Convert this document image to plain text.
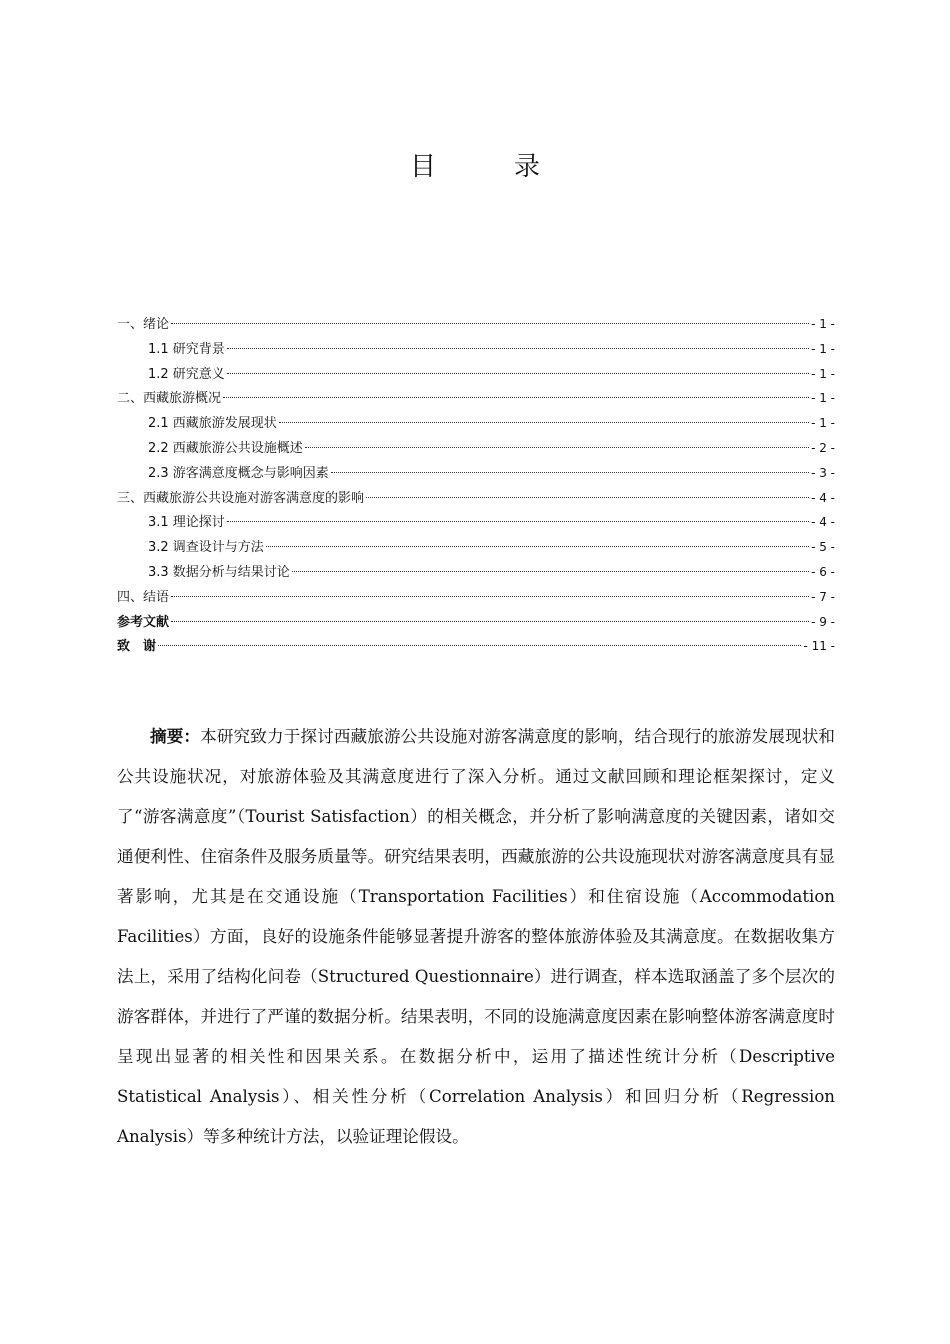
目　录
一、绪论	- 1 -
1.1 研究背景	- 1 -
1.2 研究意义	- 1 -
二、西藏旅游概况	- 1 -
2.1 西藏旅游发展现状	- 1 -
2.2 西藏旅游公共设施概述	- 2 -
2.3 游客满意度概念与影响因素	- 3 -
三、西藏旅游公共设施对游客满意度的影响	- 4 -
3.1 理论探讨	- 4 -
3.2 调查设计与方法	- 5 -
3.3 数据分析与结果讨论	- 6 -
四、结语	- 7 -
参考文献	- 9 -
致　谢	- 11 -
摘要：本研究致力于探讨西藏旅游公共设施对游客满意度的影响，结合现行的旅游发展现状和公共设施状况，对旅游体验及其满意度进行了深入分析。通过文献回顾和理论框架探讨，定义了“游客满意度”（Tourist Satisfaction）的相关概念，并分析了影响满意度的关键因素，诸如交通便利性、住宿条件及服务质量等。研究结果表明，西藏旅游的公共设施现状对游客满意度具有显著影响，尤其是在交通设施（Transportation Facilities）和住宿设施（Accommodation Facilities）方面，良好的设施条件能够显著提升游客的整体旅游体验及其满意度。在数据收集方法上，采用了结构化问卷（Structured Questionnaire）进行调查，样本选取涵盖了多个层次的游客群体，并进行了严谨的数据分析。结果表明，不同的设施满意度因素在影响整体游客满意度时呈现出显著的相关性和因果关系。在数据分析中，运用了描述性统计分析（Descriptive Statistical Analysis）、相关性分析（Correlation Analysis）和回归分析（Regression Analysis）等多种统计方法，以验证理论假设。
